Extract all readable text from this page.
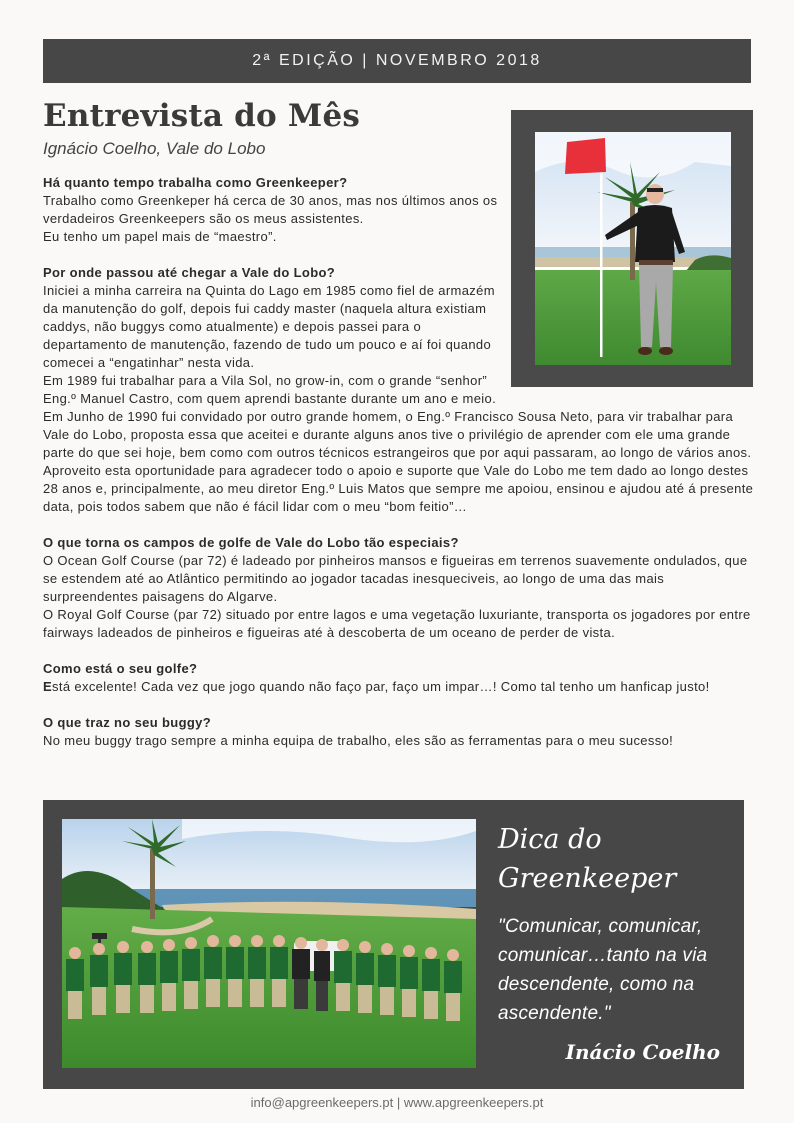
2ª EDIÇÃO | NOVEMBRO 2018
Entrevista do Mês
Ignácio Coelho, Vale do Lobo

Há quanto tempo trabalha como Greenkeeper?

Trabalho como Greenkeper há cerca de 30 anos, mas nos últimos anos os verdadeiros Greenkeepers são os meus assistentes.

Eu tenho um papel mais de “maestro”.

Por onde passou até chegar a Vale do Lobo?

Iniciei a minha carreira na Quinta do Lago em 1985 como fiel de armazém da manutenção do golf, depois fui caddy master (naquela altura existiam caddys, não buggys como atualmente) e depois passei para o departamento de manutenção, fazendo de tudo um pouco e aí foi quando comecei a “engatinhar” nesta vida.

Em 1989 fui trabalhar para a Vila Sol, no grow-in, com o grande “senhor” Eng.º Manuel Castro, com quem aprendi bastante durante um ano e meio.

Em Junho de 1990 fui convidado por outro grande homem, o Eng.º Francisco Sousa Neto, para vir trabalhar para Vale do Lobo, proposta essa que aceitei e durante alguns anos tive o privilégio de aprender com ele uma grande parte do que sei hoje, bem como com outros técnicos estrangeiros que por aqui passaram, ao longo de vários anos.

Aproveito esta oportunidade para agradecer todo o apoio e suporte que Vale do Lobo me tem dado ao longo destes 28 anos e, principalmente, ao meu diretor Eng.º Luis Matos que sempre me apoiou, ensinou e ajudou até á presente data, pois todos sabem que não é fácil lidar com o meu “bom feitio”…

O que torna os campos de golfe de Vale do Lobo tão especiais?

O Ocean Golf Course (par 72) é ladeado por pinheiros mansos e figueiras em terrenos suavemente ondulados, que se estendem até ao Atlântico permitindo ao jogador tacadas inesqueciveis, ao longo de uma das mais surpreendentes paisagens do Algarve.

O Royal Golf Course (par 72) situado por entre lagos e uma vegetação luxuriante, transporta os jogadores por entre fairways ladeados de pinheiros e figueiras até à descoberta de um oceano de perder de vista.

Como está o seu golfe?

Está excelente! Cada vez que jogo quando não faço par, faço um impar…! Como tal tenho um hanficap justo!

O que traz no seu buggy?

No meu buggy trago sempre a minha equipa de trabalho, eles são as ferramentas para o meu sucesso!

Dica do Greenkeeper
"Comunicar, comunicar, comunicar…tanto na via descendente, como na ascendente."
Inácio Coelho
info@apgreenkeepers.pt | www.apgreenkeepers.pt
